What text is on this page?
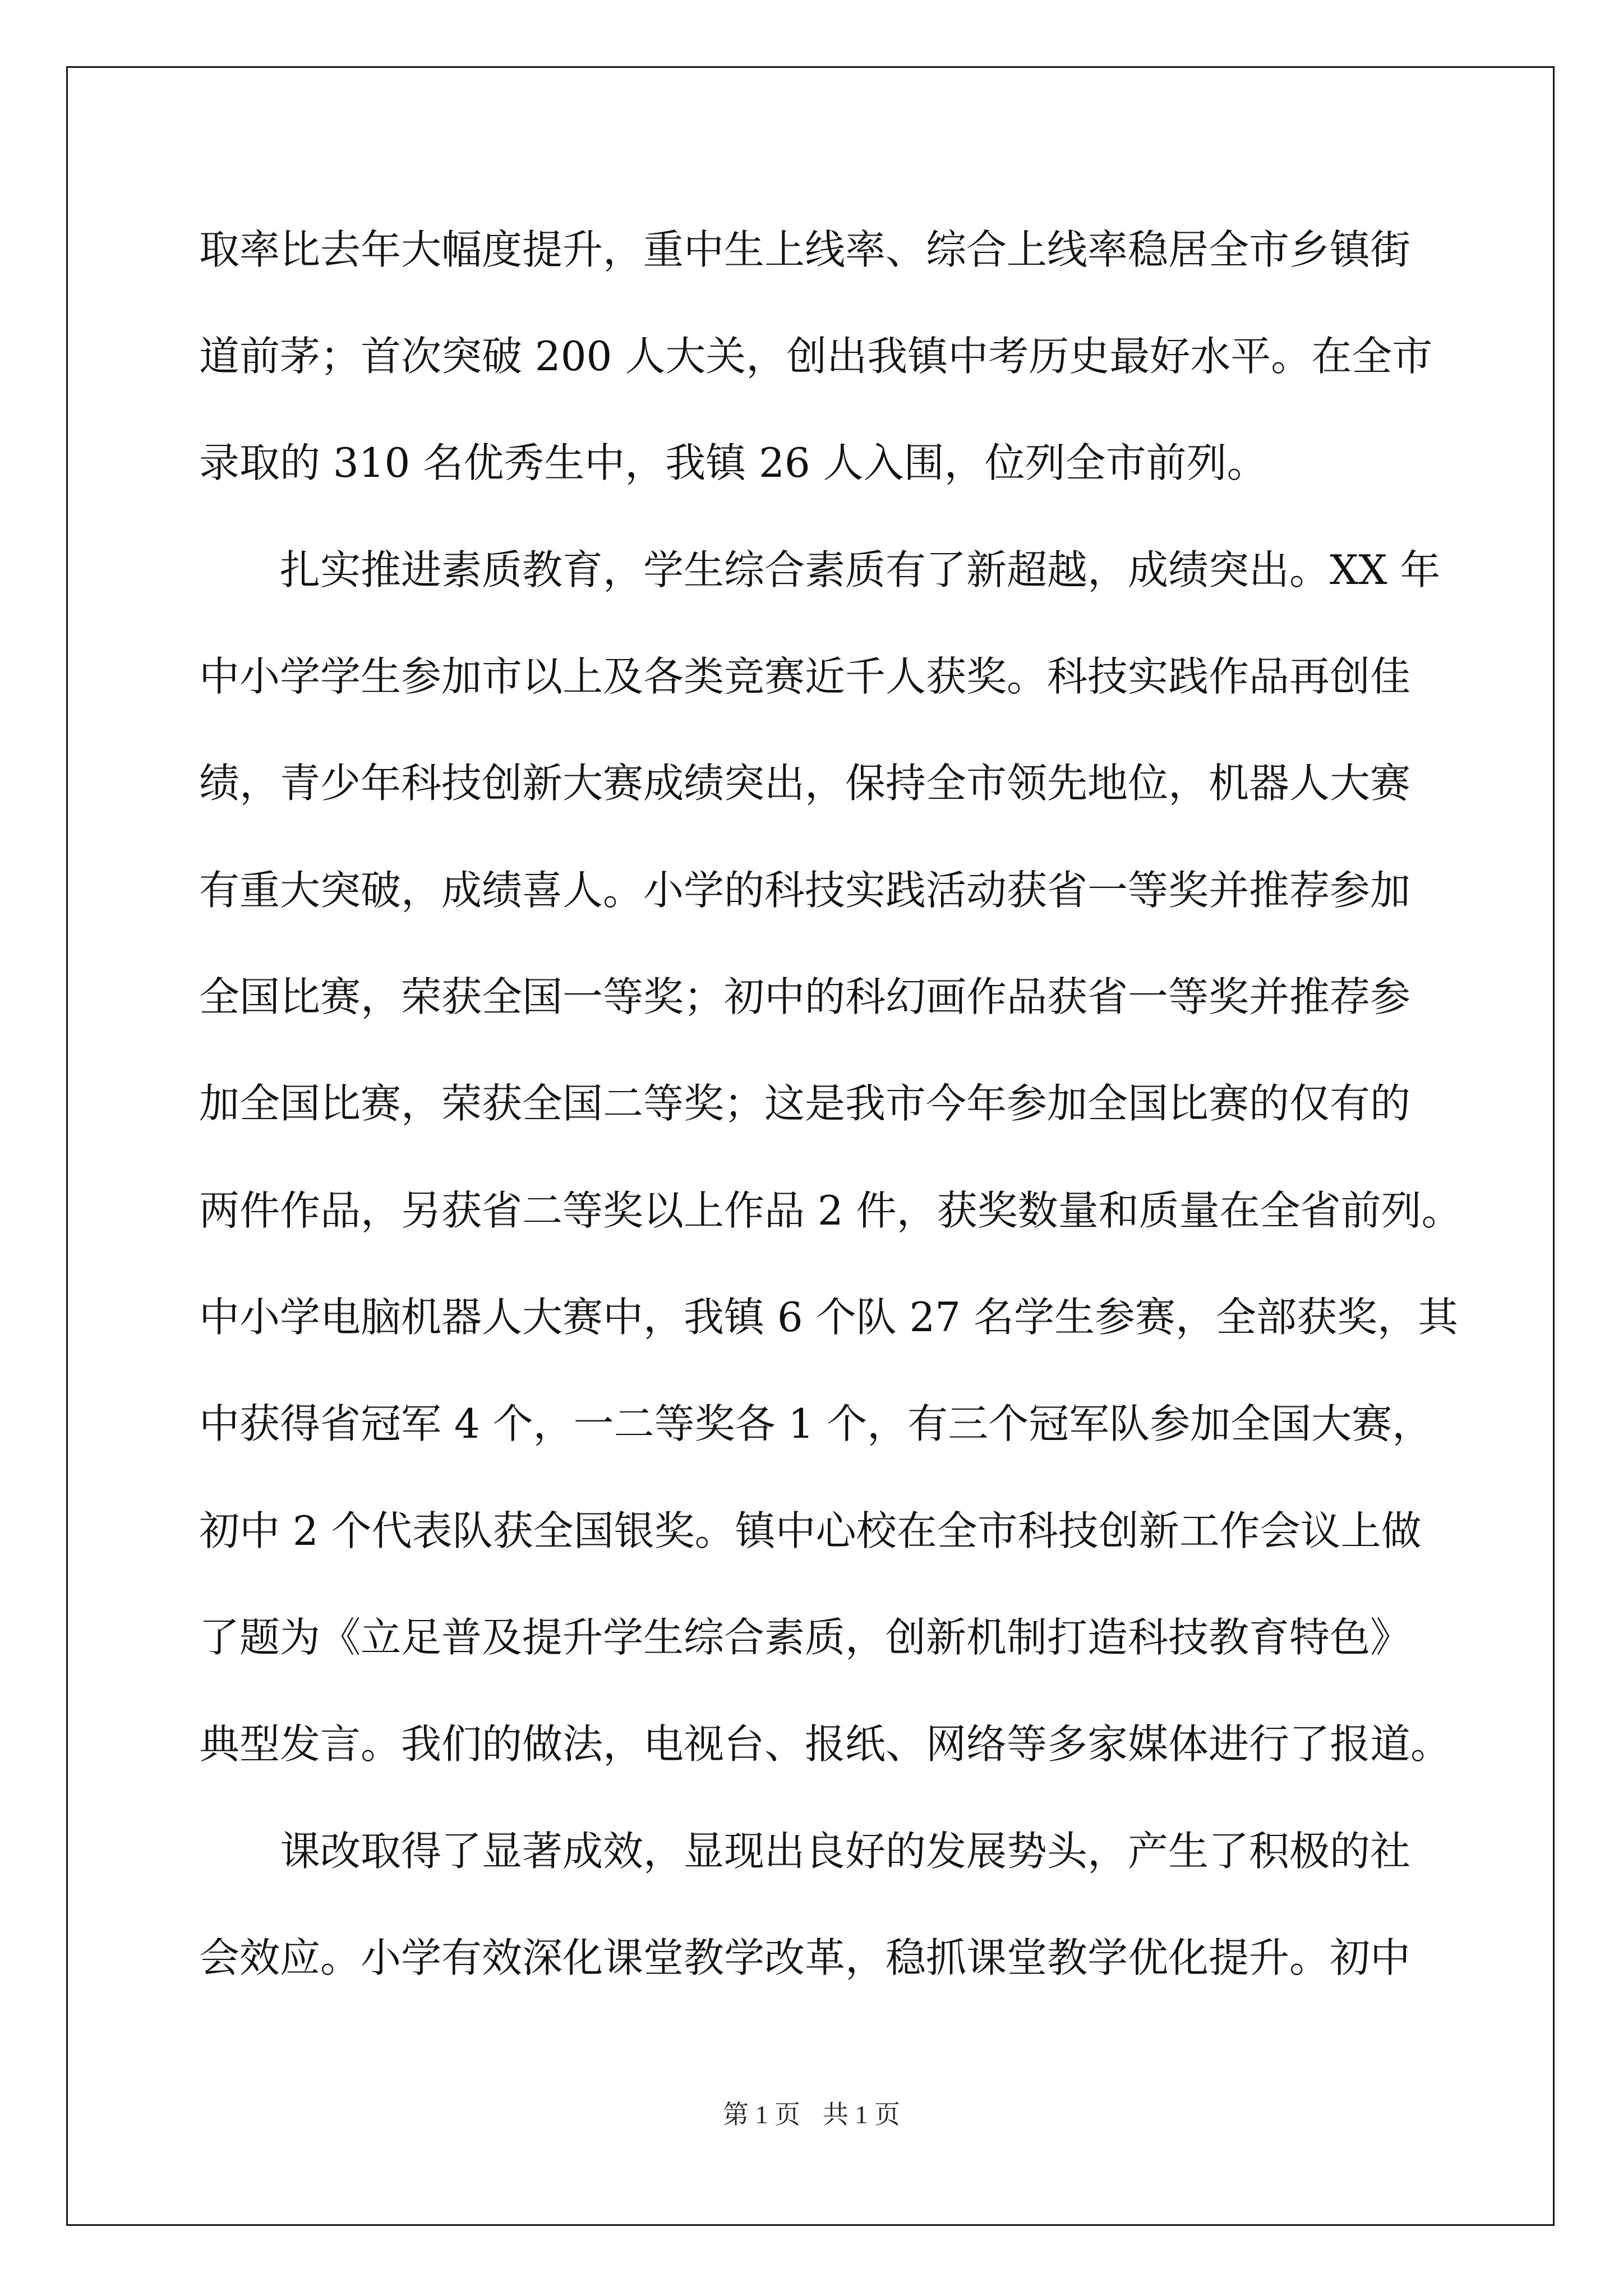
取率比去年大幅度提升，重中生上线率、综合上线率稳居全市乡镇街

道前茅；首次突破 200 人大关，创出我镇中考历史最好水平。在全市

录取的 310 名优秀生中，我镇 26 人入围，位列全市前列。

扎实推进素质教育，学生综合素质有了新超越，成绩突出。XX 年

中小学学生参加市以上及各类竞赛近千人获奖。科技实践作品再创佳

绩，青少年科技创新大赛成绩突出，保持全市领先地位，机器人大赛

有重大突破，成绩喜人。小学的科技实践活动获省一等奖并推荐参加

全国比赛，荣获全国一等奖；初中的科幻画作品获省一等奖并推荐参

加全国比赛，荣获全国二等奖；这是我市今年参加全国比赛的仅有的

两件作品，另获省二等奖以上作品 2 件，获奖数量和质量在全省前列。

中小学电脑机器人大赛中，我镇 6 个队 27 名学生参赛，全部获奖，其

中获得省冠军 4 个，一二等奖各 1 个，有三个冠军队参加全国大赛，

初中 2 个代表队获全国银奖。镇中心校在全市科技创新工作会议上做

了题为《立足普及提升学生综合素质，创新机制打造科技教育特色》

典型发言。我们的做法，电视台、报纸、网络等多家媒体进行了报道。

课改取得了显著成效，显现出良好的发展势头，产生了积极的社

会效应。小学有效深化课堂教学改革，稳抓课堂教学优化提升。初中

第 1 页 共 1 页
